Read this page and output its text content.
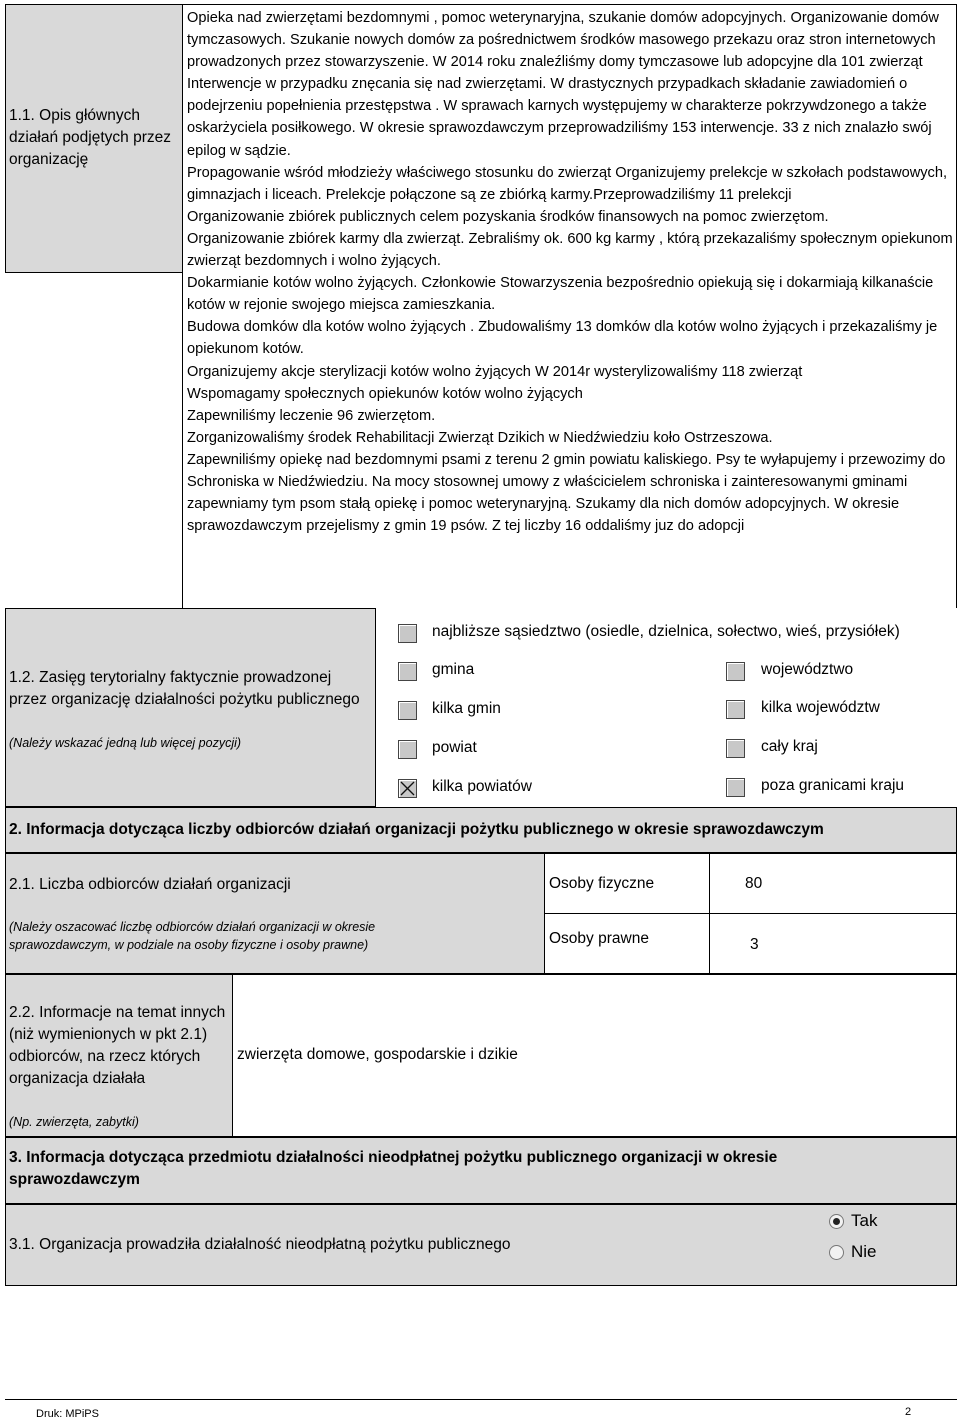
1.1. Opis głównych działań podjętych przez organizację

Opieka nad zwierzętami bezdomnymi , pomoc weterynaryjna, szukanie domów adopcyjnych. Organizowanie domów tymczasowych. Szukanie nowych domów za pośrednictwem środków masowego przekazu oraz stron internetowych prowadzonych przez stowarzyszenie. W 2014 roku znaleźliśmy domy tymczasowe lub adopcyjne dla 101 zwierząt

Interwencje w przypadku znęcania się nad zwierzętami. W drastycznych przypadkach składanie zawiadomień o podejrzeniu popełnienia przestępstwa . W sprawach karnych występujemy w charakterze pokrzywdzonego a także oskarżyciela posiłkowego. W okresie sprawozdawczym przeprowadziliśmy 153 interwencje. 33 z nich znalazło swój epilog w sądzie.

Propagowanie wśród młodzieży właściwego stosunku do zwierząt Organizujemy prelekcje w szkołach podstawowych, gimnazjach i liceach. Prelekcje połączone są ze zbiórką karmy.Przeprowadziliśmy 11 prelekcji

Organizowanie zbiórek publicznych celem pozyskania środków finansowych na pomoc zwierzętom.

Organizowanie zbiórek karmy dla zwierząt. Zebraliśmy ok. 600 kg karmy , którą przekazaliśmy społecznym opiekunom zwierząt bezdomnych i wolno żyjących.

Dokarmianie kotów wolno żyjących. Członkowie Stowarzyszenia bezpośrednio opiekują się i dokarmiają kilkanaście kotów w rejonie swojego miejsca zamieszkania.

Budowa domków dla kotów wolno żyjących . Zbudowaliśmy 13 domków dla kotów wolno żyjących i przekazaliśmy je opiekunom kotów.

Organizujemy akcje sterylizacji kotów wolno żyjących W 2014r wysterylizowaliśmy 118 zwierząt

Wspomagamy społecznych opiekunów kotów wolno żyjących

Zapewniliśmy leczenie 96 zwierzętom.

Zorganizowaliśmy środek Rehabilitacji Zwierząt Dzikich w Niedźwiedziu koło Ostrzeszowa.

Zapewniliśmy opiekę nad bezdomnymi psami z terenu 2 gmin powiatu kaliskiego. Psy te wyłapujemy i przewozimy do Schroniska w Niedźwiedziu. Na mocy stosownej umowy z właścicielem schroniska i zainteresowanymi gminami zapewniamy tym psom stałą opiekę i pomoc weterynaryjną. Szukamy dla nich domów adopcyjnych. W okresie sprawozdawczym przejelismy z gmin 19 psów. Z tej liczby 16 oddaliśmy juz do adopcji

1.2. Zasięg terytorialny faktycznie prowadzonej przez organizację działalności pożytku publicznego
(Należy wskazać jedną lub więcej pozycji)
najbliższe sąsiedztwo (osiedle, dzielnica, sołectwo, wieś, przysiółek)
gmina	województwo
kilka gmin	kilka województw
powiat	cały kraj
kilka powiatów	poza granicami kraju
2. Informacja dotycząca liczby odbiorców działań organizacji pożytku publicznego w okresie sprawozdawczym
2.1. Liczba odbiorców działań organizacji
(Należy oszacować liczbę odbiorców działań organizacji w okresie sprawozdawczym, w podziale na osoby fizyczne i osoby prawne)
Osoby fizyczne	80
Osoby prawne	3
2.2. Informacje na temat innych (niż wymienionych w pkt 2.1) odbiorców, na rzecz których organizacja działała
(Np. zwierzęta, zabytki)
zwierzęta domowe, gospodarskie i dzikie
3. Informacja dotycząca przedmiotu działalności nieodpłatnej pożytku publicznego organizacji w okresie sprawozdawczym
3.1. Organizacja prowadziła działalność nieodpłatną pożytku publicznego
Tak
Nie
Druk: MPiPS	2
